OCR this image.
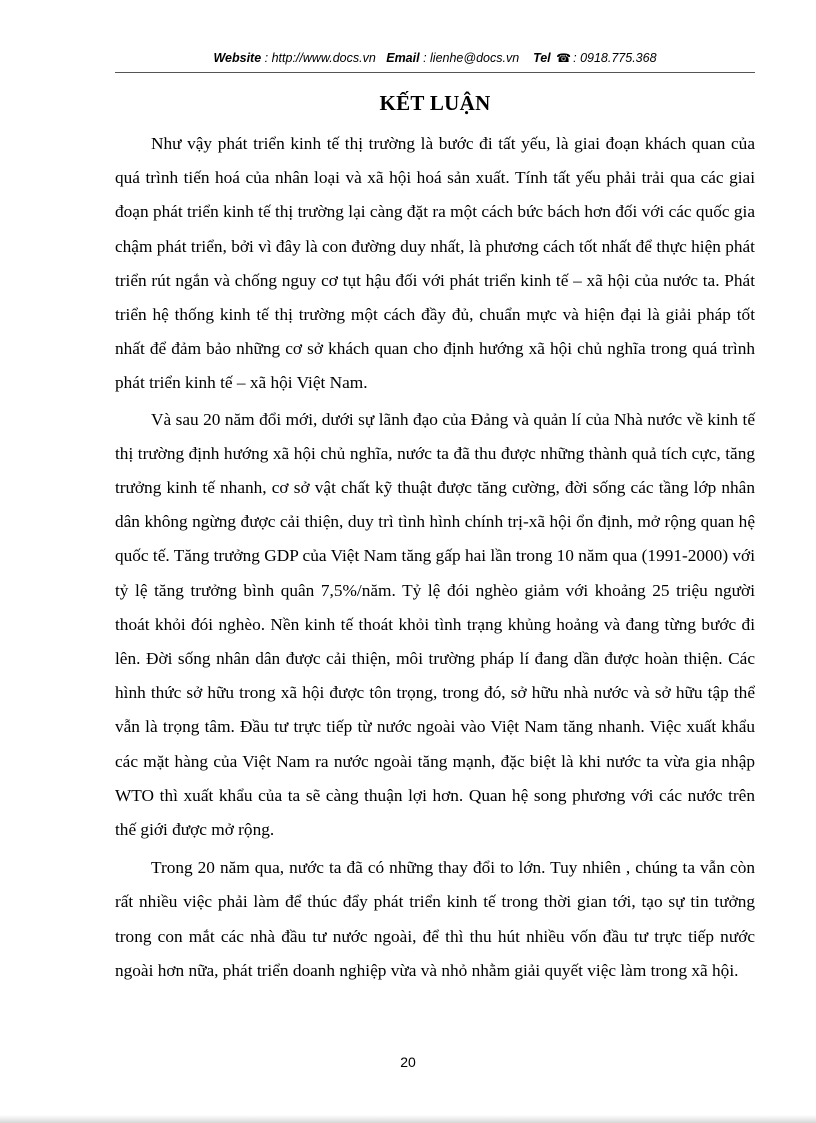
Website : http://www.docs.vn Email : lienhe@docs.vn Tel ☎ : 0918.775.368
KẾT LUẬN

Như vậy phát triển kinh tế thị trường là bước đi tất yếu, là giai đoạn khách quan của quá trình tiến hoá của nhân loại và xã hội hoá sản xuất. Tính tất yếu phải trải qua các giai đoạn phát triển kinh tế thị trường lại càng đặt ra một cách bức bách hơn đối với các quốc gia chậm phát triển, bởi vì đây là con đường duy nhất, là phương cách tốt nhất để thực hiện phát triển rút ngắn và chống nguy cơ tụt hậu đối với phát triển kinh tế – xã hội của nước ta. Phát triển hệ thống kinh tế thị trường một cách đầy đủ, chuẩn mực và hiện đại là giải pháp tốt nhất để đảm bảo những cơ sở khách quan cho định hướng xã hội chủ nghĩa trong quá trình phát triển kinh tế – xã hội Việt Nam.

Và sau 20 năm đổi mới, dưới sự lãnh đạo của Đảng và quản lí của Nhà nước về kinh tế thị trường định hướng xã hội chủ nghĩa, nước ta đã thu được những thành quả tích cực, tăng trưởng kinh tế nhanh, cơ sở vật chất kỹ thuật được tăng cường, đời sống các tầng lớp nhân dân không ngừng được cải thiện, duy trì tình hình chính trị-xã hội ổn định, mở rộng quan hệ quốc tế. Tăng trưởng GDP của Việt Nam tăng gấp hai lần trong 10 năm qua (1991-2000) với tỷ lệ tăng trưởng bình quân 7,5%/năm. Tỷ lệ đói nghèo giảm với khoảng 25 triệu người thoát khỏi đói nghèo. Nền kinh tế thoát khỏi tình trạng khủng hoảng và đang từng bước đi lên. Đời sống nhân dân được cải thiện, môi trường pháp lí đang dần được hoàn thiện. Các hình thức sở hữu trong xã hội được tôn trọng, trong đó, sở hữu nhà nước và sở hữu tập thể vẫn là trọng tâm. Đầu tư trực tiếp từ nước ngoài vào Việt Nam tăng nhanh. Việc xuất khẩu các mặt hàng của Việt Nam ra nước ngoài tăng mạnh, đặc biệt là khi nước ta vừa gia nhập WTO thì xuất khẩu của ta sẽ càng thuận lợi hơn. Quan hệ song phương với các nước trên thế giới được mở rộng.

Trong 20 năm qua, nước ta đã có những thay đổi to lớn. Tuy nhiên , chúng ta vẫn còn rất nhiều việc phải làm để thúc đẩy phát triển kinh tế trong thời gian tới, tạo sự tin tưởng trong con mắt các nhà đầu tư nước ngoài, để thì thu hút nhiều vốn đầu tư trực tiếp nước ngoài hơn nữa, phát triển doanh nghiệp vừa và nhỏ nhằm giải quyết việc làm trong xã hội.

20
